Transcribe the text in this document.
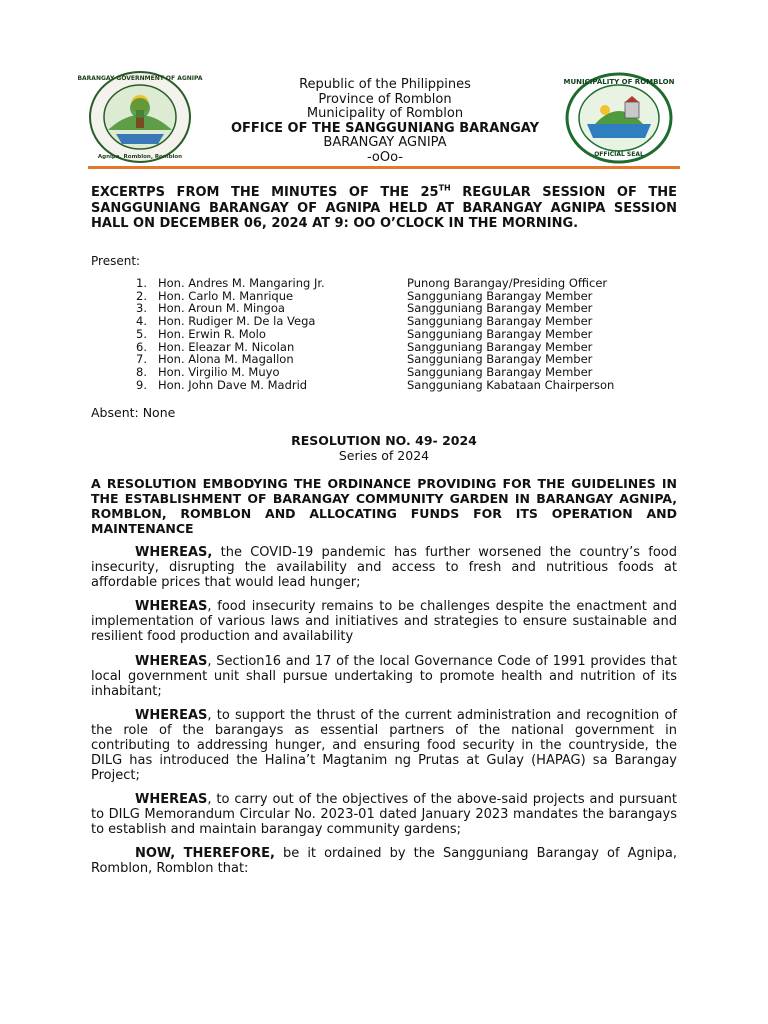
BARANGAY GOVERNMENT OF AGNIPA
Agnipa, Romblon, Romblon
Republic of the Philippines
Province of Romblon
Municipality of Romblon
OFFICE OF THE SANGGUNIANG BARANGAY
BARANGAY AGNIPA
-oOo-
MUNICIPALITY OF ROMBLON
OFFICIAL SEAL
EXCERTPS FROM THE MINUTES OF THE 25TH REGULAR SESSION OF THE SANGGUNIANG BARANGAY OF AGNIPA HELD AT BARANGAY AGNIPA SESSION HALL ON DECEMBER 06, 2024 AT 9: OO O’CLOCK IN THE MORNING.
Present:
1. Hon. Andres M. Mangaring Jr.	Punong Barangay/Presiding Officer
2. Hon. Carlo M. Manrique	Sangguniang Barangay Member
3. Hon. Aroun M. Mingoa	Sangguniang Barangay Member
4. Hon. Rudiger M. De la Vega	Sangguniang Barangay Member
5. Hon. Erwin R. Molo	Sangguniang Barangay Member
6. Hon. Eleazar M. Nicolan	Sangguniang Barangay Member
7. Hon. Alona M. Magallon	Sangguniang Barangay Member
8. Hon. Virgilio M. Muyo	Sangguniang Barangay Member
9. Hon. John Dave M. Madrid	Sangguniang Kabataan Chairperson
Absent: None
RESOLUTION NO. 49- 2024
Series of 2024
A RESOLUTION EMBODYING THE ORDINANCE PROVIDING FOR THE GUIDELINES IN THE ESTABLISHMENT OF BARANGAY COMMUNITY GARDEN IN BARANGAY AGNIPA, ROMBLON, ROMBLON AND ALLOCATING FUNDS FOR ITS OPERATION AND MAINTENANCE
WHEREAS, the COVID-19 pandemic has further worsened the country’s food insecurity, disrupting the availability and access to fresh and nutritious foods at affordable prices that would lead hunger;
WHEREAS, food insecurity remains to be challenges despite the enactment and implementation of various laws and initiatives and strategies to ensure sustainable and resilient food production and availability
WHEREAS, Section16 and 17 of the local Governance Code of 1991 provides that local government unit shall pursue undertaking to promote health and nutrition of its inhabitant;
WHEREAS, to support the thrust of the current administration and recognition of the role of the barangays as essential partners of the national government in contributing to addressing hunger, and ensuring food security in the countryside, the DILG has introduced the Halina’t Magtanim ng Prutas at Gulay (HAPAG) sa Barangay Project;
WHEREAS, to carry out of the objectives of the above-said projects and pursuant to DILG Memorandum Circular No. 2023-01 dated January 2023 mandates the barangays to establish and maintain barangay community gardens;
NOW, THEREFORE, be it ordained by the Sangguniang Barangay of Agnipa, Romblon, Romblon that:
